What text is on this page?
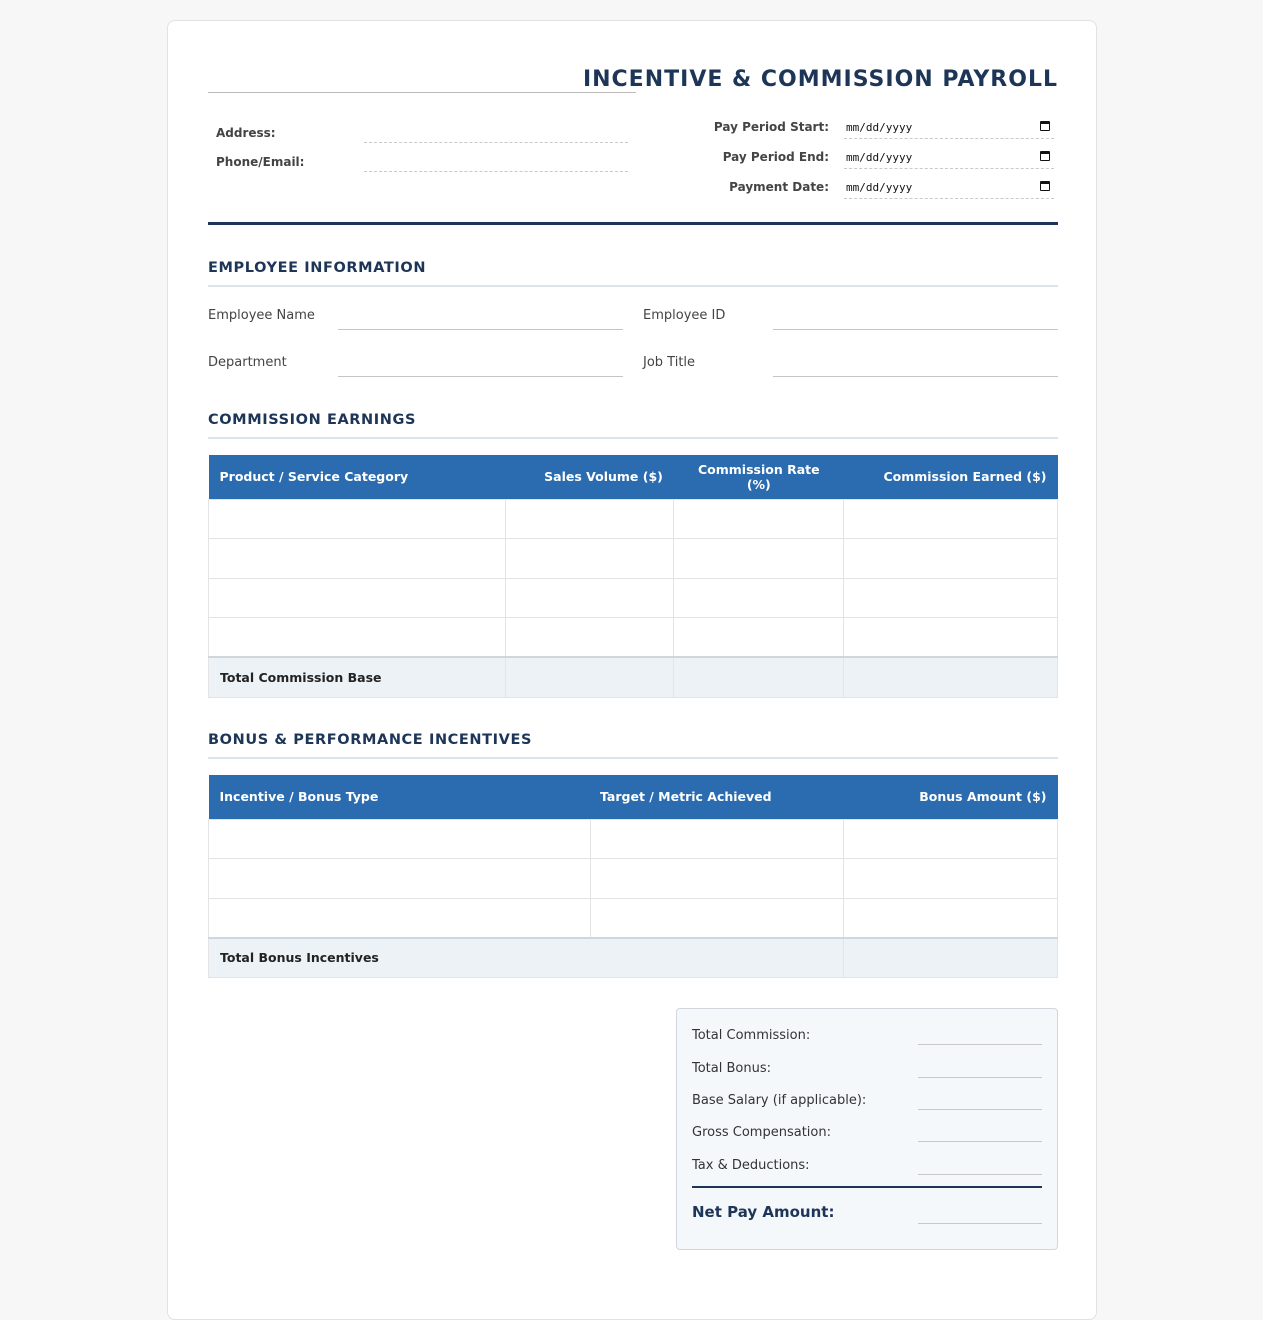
INCENTIVE & COMMISSION PAYROLL
Address:
Phone/Email:
Pay Period Start: mm/dd/yyyy
Pay Period End: mm/dd/yyyy
Payment Date: mm/dd/yyyy
EMPLOYEE INFORMATION
Employee Name	Employee ID
Department	Job Title
COMMISSION EARNINGS
Product / Service Category	Sales Volume ($)	Commission Rate (%)	Commission Earned ($)

Total Commission Base			
BONUS & PERFORMANCE INCENTIVES
Incentive / Bonus Type	Target / Metric Achieved	Bonus Amount ($)

Total Bonus Incentives		
Total Commission:
Total Bonus:
Base Salary (if applicable):
Gross Compensation:
Tax & Deductions:
Net Pay Amount:
